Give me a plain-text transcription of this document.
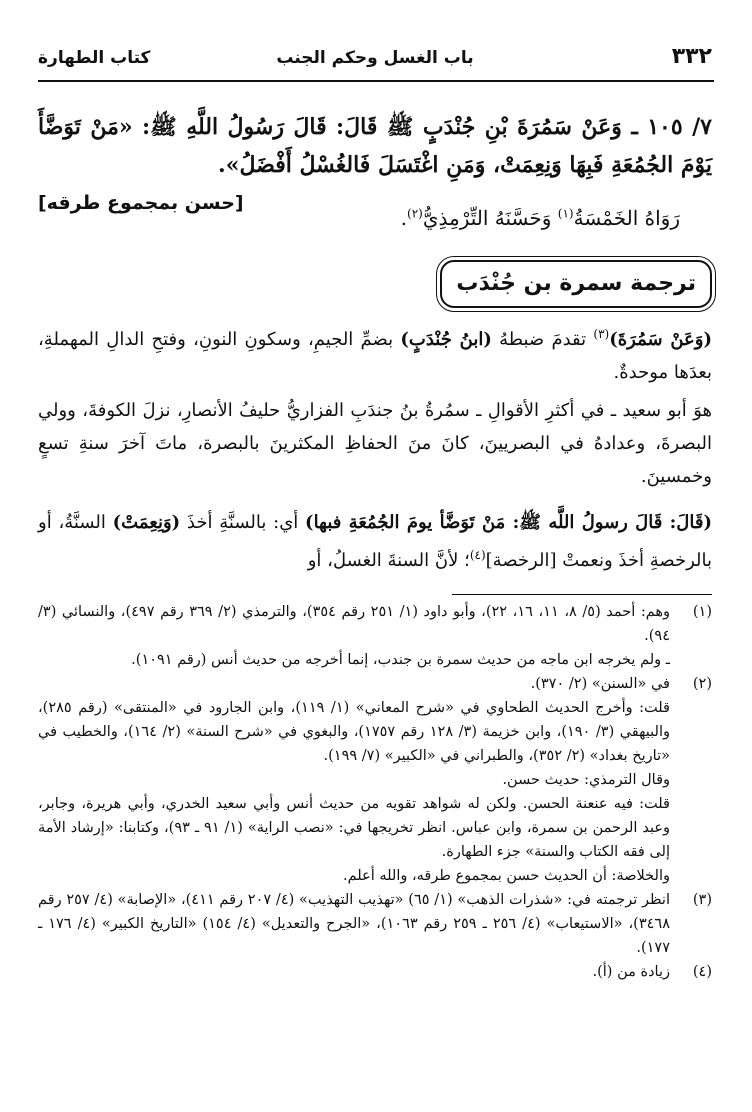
٣٣٢
باب الغسل وحكم الجنب
كتاب الطهارة
٧/ ١٠٥ ـ وَعَنْ سَمُرَةَ بْنِ جُنْدَبٍ ﷺ قَالَ: قَالَ رَسُولُ اللَّهِ ﷺ: «مَنْ تَوَضَّأَ يَوْمَ الجُمُعَةِ فَبِهَا وَنِعِمَتْ، وَمَنِ اغْتَسَلَ فَالغُسْلُ أَفْضَلُ».
[حسن بمجموع طرقه]
رَوَاهُ الخَمْسَةُ$^{(١)}$ وَحَسَّنَهُ التِّرْمِذِيُّ$^{(٢)}$.
ترجمة سمرة بن جُنْدَب
(وَعَنْ سَمُرَةَ)$^{(٣)}$ تقدمَ ضبطهُ (ابنُ جُنْدَبٍ) بضمِّ الجيمِ، وسكونِ النونِ، وفتحِ الدالِ المهملةِ، بعدَها موحدةٌ.
هوَ أبو سعيد ـ في أكثرِ الأقوالِ ـ سمُرةُ بنُ جندَبِ الفزاريُّ حليفُ الأنصارِ، نزلَ الكوفةَ، وولي البصرةَ، وعدادهُ في البصريينَ، كانَ منَ الحفاظِ المكثرينَ بالبصرة، ماتَ آخرَ سنةِ تسعٍ وخمسينَ.
(قَالَ: قَالَ رسولُ اللَّه ﷺ: مَنْ تَوَضَّأ يومَ الجُمُعَةِ فبها) أي: بالسنَّةِ أخذَ (وَنِعِمَتْ) السنَّةُ، أو بالرخصةِ أخذَ ونعمتْ [الرخصة]$^{(٤)}$؛ لأنَّ السنةَ الغسلُ، أو
(١)

وهم: أحمد (٥/ ٨، ١١، ١٦، ٢٢)، وأبو داود (١/ ٢٥١ رقم ٣٥٤)، والترمذي (٢/ ٣٦٩ رقم ٤٩٧)، والنسائي (٣/ ٩٤).

ـ ولم يخرجه ابن ماجه من حديث سمرة بن جندب، إنما أخرجه من حديث أنس (رقم ١٠٩١).

(٢)

في «السنن» (٢/ ٣٧٠).

قلت: وأخرج الحديث الطحاوي في «شرح المعاني» (١/ ١١٩)، وابن الجارود في «المنتقى» (رقم ٢٨٥)، والبيهقي (٣/ ١٩٠)، وابن خزيمة (٣/ ١٢٨ رقم ١٧٥٧)، والبغوي في «شرح السنة» (٢/ ١٦٤)، والخطيب في «تاريخ بغداد» (٢/ ٣٥٢)، والطبراني في «الكبير» (٧/ ١٩٩).

وقال الترمذي: حديث حسن.

قلت: فيه عنعنة الحسن. ولكن له شواهد تقويه من حديث أنس وأبي سعيد الخدري، وأبي هريرة، وجابر، وعبد الرحمن بن سمرة، وابن عباس. انظر تخريجها في: «نصب الراية» (١/ ٩١ ـ ٩٣)، وكتابنا: «إرشاد الأمة إلى فقه الكتاب والسنة» جزء الطهارة.

والخلاصة: أن الحديث حسن بمجموع طرقه، والله أعلم.

(٣)

انظر ترجمته في: «شذرات الذهب» (١/ ٦٥) «تهذيب التهذيب» (٤/ ٢٠٧ رقم ٤١١)، «الإصابة» (٤/ ٢٥٧ رقم ٣٤٦٨)، «الاستيعاب» (٤/ ٢٥٦ ـ ٢٥٩ رقم ١٠٦٣)، «الجرح والتعديل» (٤/ ١٥٤) «التاريخ الكبير» (٤/ ١٧٦ ـ ١٧٧).

(٤)

زيادة من (أ).
